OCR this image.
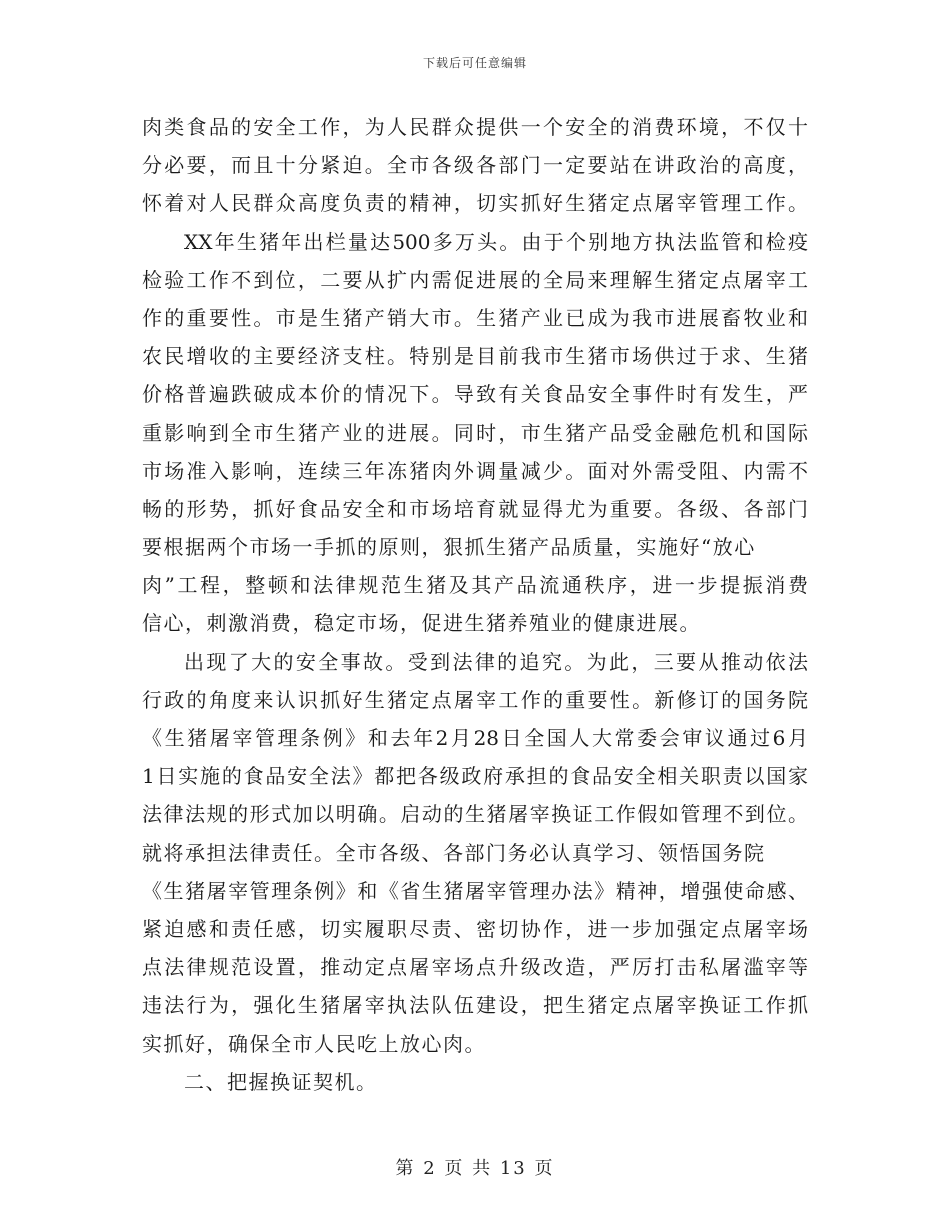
下载后可任意编辑
肉类食品的安全工作，为人民群众提供一个安全的消费环境，不仅十
分必要，而且十分紧迫。全市各级各部门一定要站在讲政治的高度，
怀着对人民群众高度负责的精神，切实抓好生猪定点屠宰管理工作。
XX年生猪年出栏量达500多万头。由于个别地方执法监管和检疫
检验工作不到位，二要从扩内需促进展的全局来理解生猪定点屠宰工
作的重要性。市是生猪产销大市。生猪产业已成为我市进展畜牧业和
农民增收的主要经济支柱。特别是目前我市生猪市场供过于求、生猪
价格普遍跌破成本价的情况下。导致有关食品安全事件时有发生，严
重影响到全市生猪产业的进展。同时，市生猪产品受金融危机和国际
市场准入影响，连续三年冻猪肉外调量减少。面对外需受阻、内需不
畅的形势，抓好食品安全和市场培育就显得尤为重要。各级、各部门
要根据两个市场一手抓的原则，狠抓生猪产品质量，实施好“放心
肉”工程，整顿和法律规范生猪及其产品流通秩序，进一步提振消费
信心，刺激消费，稳定市场，促进生猪养殖业的健康进展。
出现了大的安全事故。受到法律的追究。为此，三要从推动依法
行政的角度来认识抓好生猪定点屠宰工作的重要性。新修订的国务院
《生猪屠宰管理条例》和去年2月28日全国人大常委会审议通过6月
1日实施的食品安全法》都把各级政府承担的食品安全相关职责以国家
法律法规的形式加以明确。启动的生猪屠宰换证工作假如管理不到位。
就将承担法律责任。全市各级、各部门务必认真学习、领悟国务院
《生猪屠宰管理条例》和《省生猪屠宰管理办法》精神，增强使命感、
紧迫感和责任感，切实履职尽责、密切协作，进一步加强定点屠宰场
点法律规范设置，推动定点屠宰场点升级改造，严厉打击私屠滥宰等
违法行为，强化生猪屠宰执法队伍建设，把生猪定点屠宰换证工作抓
实抓好，确保全市人民吃上放心肉。
二、把握换证契机。
第 2 页 共 13 页
